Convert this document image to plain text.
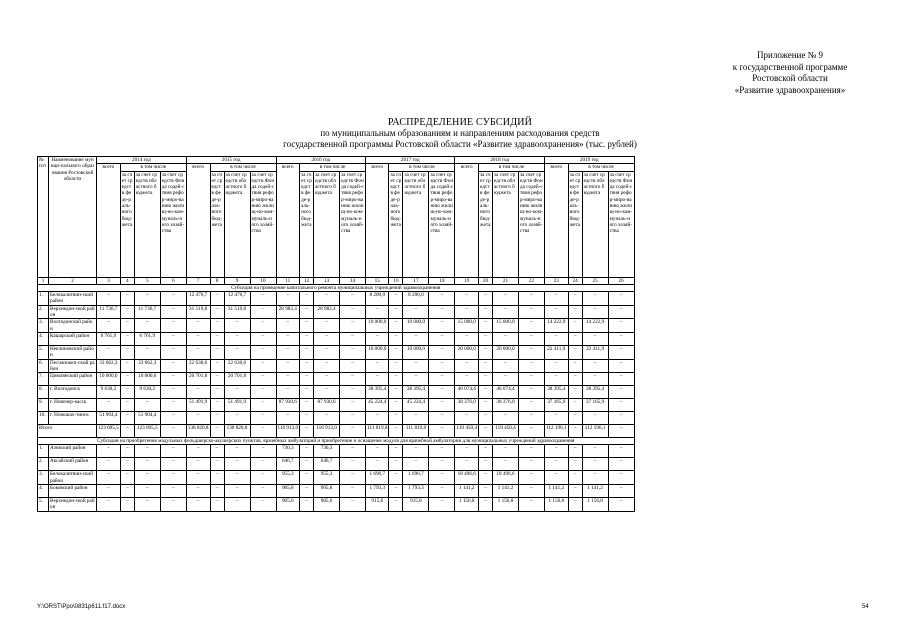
Приложение № 9
к государственной программе
Ростовской области
«Развитие здравоохранения»
РАСПРЕДЕЛЕНИЕ СУБСИДИЙ
по муниципальным образованиям и направлениям расходования средств
государственной программы Ростовской области «Развитие здравоохранения» (тыс. рублей)
№ п/п	Наименование муници-пального образования Ростовской области	2014 год				2015 год				2016 год				2017 год				2018 год				2019 год			
		всего	в том числе			всего	в том числе			всего	в том числе			всего	в том числе			всего	в том числе			всего	в том числе		
			за счет средств феде-раль-ного бюд-жета	за счет средств областного бюджета	за счет средств Фонда содей-ствия рефор-миро-ванию жилищ-но-ком-муналь-ного хозяй-ства		за счет средств феде-раль-ного бюд-жета	за счет средств областного бюджета	за счет средств Фонда содей-ствия рефор-миро-ванию жилищ-но-ком-муналь-ного хозяй-ства		за счет средств феде-раль-ного бюд-жета	за счет средств областного бюджета	за счет средств Фонда содей-ствия рефор-миро-ванию жилищ-но-ком-муналь-ного хозяй-ства		за счет средств феде-раль-ного бюд-жета	за счет средств областного бюджета	за счет средств Фонда содей-ствия рефор-миро-ванию жилищ-но-ком-муналь-ного хозяй-ства		за счет средств феде-раль-ного бюд-жета	за счет средств областного бюджета	за счет средств Фонда содей-ствия рефор-миро-ванию жилищ-но-ком-муналь-ного хозяй-ства		за счет средств феде-раль-ного бюд-жета	за счет средств областного бюджета	за счет средств Фонда содей-ствия рефор-миро-ванию жилищ-но-ком-муналь-ного хозяй-ства
1	2	3	4	5	6	7	8	9	10	11	12	13	14	15	16	17	18	19	20	21	22	23	24	25	26
Субсидия на проведение капитального ремонта муниципальных учреждений здравоохранения																									
1.	Белокалитвин-ский район	–	–	–	–	12 476,7	–	12 476,7	–	–	–	–	–	8 200,0	–	8 200,0	–	–	–	–	–	–	–	–	–
2.	Верхнедон-ской район	11 736,7	–	11 736,7	–	31 519,8	–	31 519,8	–	28 982,4	–	28 982,4	–	–	–	–	–	–	–	–	–	–	–	–	–
3.	Волгодонской район	–	–	–	–	–	–	–	–	–	–	–	–	10 000,0	–	10 000,0	–	15 000,0	–	15 000,0	–	14 222,9	–	14 222,9	–
4.	Кашарский район	6 761,9	–	6 761,9	–	–	–	–	–	–	–	–	–	–	–	–	–	–	–	–	–	–	–	–	–
5.	Неклиновский район	–	–	–	–	–	–	–	–	–	–	–	–	10 000,0	–	10 000,0	–	20 000,0	–	20 000,0	–	22 411,9	–	22 411,9	–
6.	Песчанокоп-ский район	33 662,3	–	33 662,3	–	22 630,6	–	22 630,6	–	–	–	–	–	–	–	–	–	–	–	–	–	–	–	–	–
7.	Цимлянский район	10 000,0	–	10 000,0	–	20 701,8	–	20 701,8	–	–	–	–	–	–	–	–	–	–	–	–	–	–	–	–	–
8.	г. Волгодонск	9 630,2	–	9 630,2	–	–	–	–	–	–	–	–	–	38 395,4	–	38 395,4	–	46 074,4	–	46 074,4	–	38 395,4	–	38 395,4	–
9.	г. Новочер-касск	–	–	–	–	51 491,9	–	51 491,9	–	87 930,6	–	87 930,6	–	45 224,4	–	45 224,4	–	38 376,0	–	38 376,0	–	37 165,9	–	37 165,9	–
10.	г. Новошах-тинск	51 904,4	–	51 904,4	–	–	–	–	–	–	–	–	–	–	–	–	–	–	–	–	–	–	–	–	–
Итого		123 695,5	–	123 695,5	–	138 820,8	–	138 820,8	–	116 913,0	–	116 913,0	–	111 819,8	–	111 819,8	–	119 450,4	–	119 450,4	–	112 196,1	–	112 196,1	–
Субсидия на приобретение модульных фельдшерско-акушерских пунктов, врачебных амбулаторий и приобретение и оснащение модуля для врачебной амбулатории для муниципальных учреждений здравоохранения																									
1.	Азовский район	–	–	–	–	–	–	–	–	730,3	–	730,3	–	–	–	–	–	–	–	–	–	–	–	–	–
2.	Аксайский район	–	–	–	–	–	–	–	–	646,7	–	646,7	–	–	–	–	–	–	–	–	–	–	–	–	–
3.	Белокалитвин-ский район	–	–	–	–	–	–	–	–	955,3	–	955,3	–	1 696,7	–	1 696,7	–	18 496,6	–	18 496,6	–	–	–	–	–
4.	Боковский район	–	–	–	–	–	–	–	–	905,8	–	905,8	–	1 793,3	–	1 793,3	–	1 141,2	–	1 141,2	–	1 141,2	–	1 141,2	–
5.	Верхнедон-ской район	–	–	–	–	–	–	–	–	905,6	–	905,6	–	915,8	–	915,8	–	1 156,8	–	1 156,8	–	1 156,8	–	1 156,8	–
Y:\ORST\Ppo\0831p611.f17.docx	54
